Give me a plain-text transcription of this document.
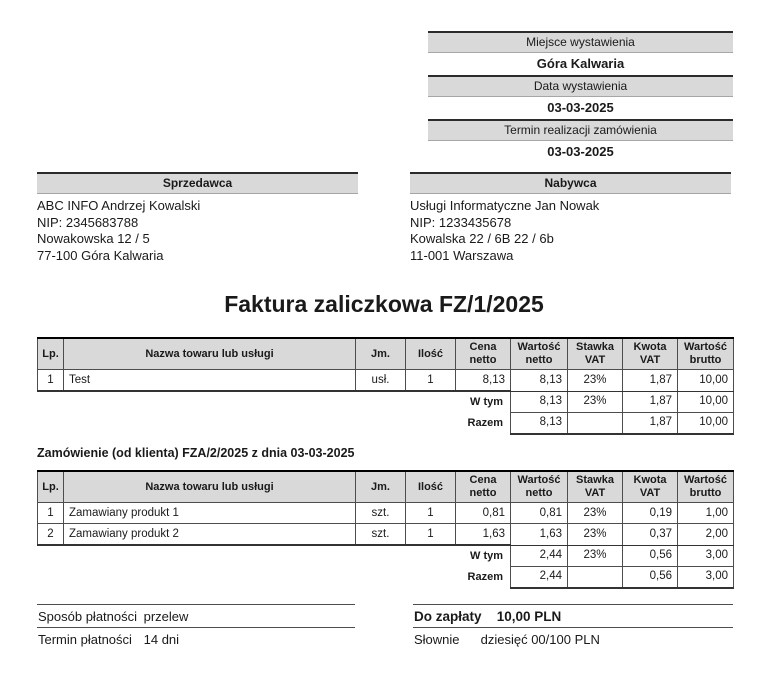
Miejsce wystawienia
Góra Kalwaria
Data wystawienia
03-03-2025
Termin realizacji zamówienia
03-03-2025
Sprzedawca
ABC INFO Andrzej Kowalski
NIP: 2345683788
Nowakowska 12 / 5
77-100 Góra Kalwaria
Nabywca
Usługi Informatyczne Jan Nowak
NIP: 1233435678
Kowalska 22 / 6B 22 / 6b
11-001 Warszawa
Faktura zaliczkowa FZ/1/2025
Lp.	Nazwa towaru lub usługi	Jm.	Ilość	Cena netto	Wartość netto	Stawka VAT	Kwota VAT	Wartość brutto
1	Test	usł.	1	8,13	8,13	23%	1,87	10,00
W tym					8,13	23%	1,87	10,00
Razem					8,13		1,87	10,00
Zamówienie (od klienta) FZA/2/2025 z dnia 03-03-2025
Lp.	Nazwa towaru lub usługi	Jm.	Ilość	Cena netto	Wartość netto	Stawka VAT	Kwota VAT	Wartość brutto
1	Zamawiany produkt 1	szt.	1	0,81	0,81	23%	0,19	1,00
2	Zamawiany produkt 2	szt.	1	1,63	1,63	23%	0,37	2,00
W tym					2,44	23%	0,56	3,00
Razem					2,44		0,56	3,00
Sposób płatności przelew
Termin płatności 14 dni
Do zapłaty 10,00 PLN
Słownie dziesięć 00/100 PLN
